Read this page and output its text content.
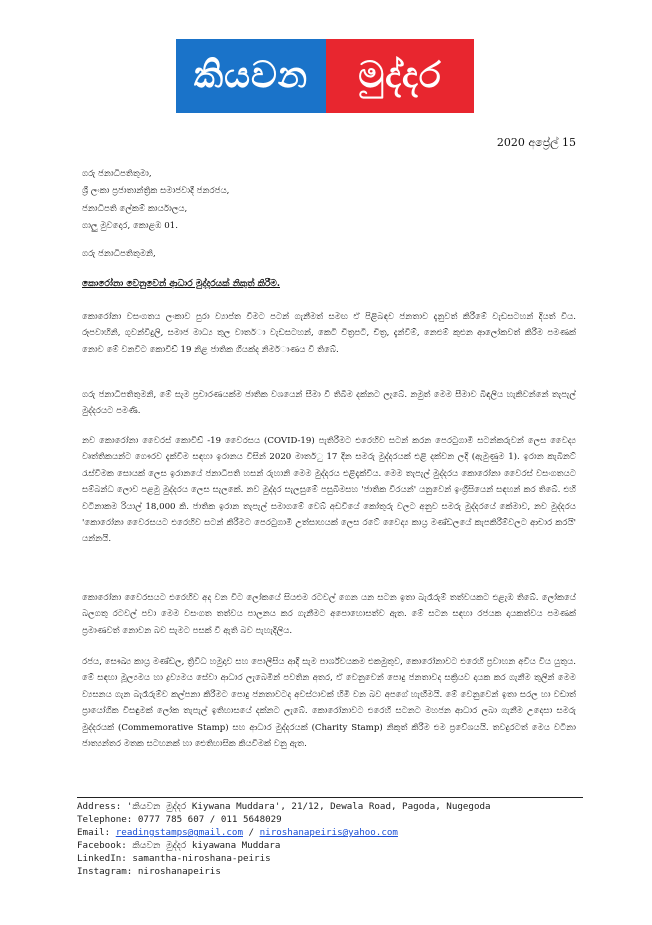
කියවන	මුද්දර
2020 අප්‍රේල් 15

ගරු ජනාධිපතිතුමා,

ශ්‍රී ලංකා ප්‍රජාතාන්ත්‍රික සමාජවාදී ජනරජය,

ජනාධිපති ලේකම් කාර්යාලය,

ගාලු මුවදොර, කොළඹ 01.

ගරු ජනාධිපතිතුමනි,
කොරෝනා වෙනුවෙන් ආධාර මුද්දරයක් නිකුත් කිරීම.

කොරෝනා වසංගතය ලංකාව පුරා ව්‍යාප්ත වීමට පටන් ගැනීමත් සමඟ ඒ පිළිබඳව ජනතාව දැනුවත් කිරීමේ වැඩසටහන් දියත් විය. රූපවාහිනි, ගුවන්විදුලි, සමාජ මාධ්‍ය තුල වාතර්ා වැඩසටහන්, කෙටි චිත්‍රපටි, චිත්‍ර, දැන්වීම්, නෙළුම් කුළුන ආලෝකවත් කිරීම පමණක් නොව මේ වනවිට කොවිඩ් 19 නිළ ජාතික ගීයක්ද නිමර්ාණය වී තිබේ.

ගරු ජනාධිපතිතුමනි, මේ සැම ප්‍රචාරණයක්ම ජාතික වශයෙන් සීමා වී තිබීම දක්නට ලැබේ. නමුත් මෙම සීමාව බිඳලිය හැකිවන්නේ තැපැල් මුද්දරයට පමණි.

නව කොරෝනා වෛරස් කොවිඩ් -19 වෛරසය (COVID-19) පැතිරීමට එරෙහිව සටන් කරන පෙරටුගාමී සටන්කරුවන් ලෙස වෛද්‍ය වෘත්තිකයන්ට ගෞරව දැක්වීම සඳහා ඉරානය විසින් 2020 මාතර්ු 17 දින සමරු මුද්දරයක් එළි දක්වන ලදි (ඇමුණුම 1). ඉරාන කැබිනට් රැස්වීමක සොයක් ලෙස ඉරානයේ ජනාධිපති හසන් රුහානි මෙම මුද්දරය එළිදැක්විය. මෙම තැපැල් මුද්දරය කොරෝනා වෛරස් වසංගතයට සම්බන්ධ ලොව පළමු මුද්දරය ලෙස සැලකේ. නව මුද්දර සැලසුමේ පසුබිමසහ 'ජාතික වීරයන්' යනුවෙන් ඉංග්‍රීසියෙන් සඳහන් කර තිබේ. එහි වටිනාකම රියාල් 18,000 කි. ජාතික ඉරාන තැපැල් සමාගමේ වෙබ් අඩවියේ කෝතුරු වලට අනුව සමරු මුද්දරයේ කේමාව, නව මුද්දරය 'කොරෝනා වෛරසයට එරෙහිව සටන් කිරීමට පෙරටුගාමී උත්සාහයක් ලෙස රටේ වෛද්‍ය කාය්‍ර මණ්ඩලයේ කැපකිරීම්වලට ආචාර කරයි' යන්නයි.

කොරෝනා වෛරසයට එරෙහිව අද වන විට ලෝකයේ සියළුම රටවල් ගෙන යන සටන ඉතා බැරෑරුම් තත්වයකට එළැඹ තිබේ. ලෝකයේ බලගතු රටවල් පවා මෙම වසංගත තත්වය පාලනය කර ගැනීමට අපොහොසත්ව ඇත. මේ සටන සඳහා රජයක දායකත්වය පමණක් ප්‍රමාණවත් නොවන බව සැමට පසක් වී ඇති බව පැහැදිලිය.

රජය, සෞඛ්‍ය කාය්‍ර මණ්ඩල, ත්‍රිවිධ හමුදාව සහ පොලීසිය ආදී සැම පාර්ශ්වයකම එකමුතුව, කොරෝනාවට එරෙහි ප්‍රවාහන අවිය විය යුතුය. මේ සඳහා මූල්‍යමය හා ද්‍රව්‍යමය සේවා ආධාර ලැබෙමින් පවතින අතර, ඒ වෙනුවෙන් පොදු ජනතාවද සක්‍රියව දායක කර ගැනීම තුලින් මෙම ව්‍යසනය ගැන බැරෑරුම්ව කල්පනා කිරීමට පොදු ජනතාවටද අවස්ථාවක් හිමි වන බව අපගේ හැඟීමයි. මේ වෙනුවෙන් ඉතා සරල හා වඩාත් ප්‍රායෝගික විසඳුමක් ලෝක තැපැල් ඉතිහාසයේ දක්නට ලැබේ. කොරෝනාවට එරෙහි සටනට මහජන ආධාර ලබා ගැනීම උදෙසා සමරු මුද්දරයක් (Commemorative Stamp) සහ ආධාර මුද්දරයක් (Charity Stamp) නිකුත් කිරීම එම ප්‍රවේශයයි. තවදුරටත් මෙය වටිනා ජාත්‍යන්තර මතක සටහනක් හා ඓතිහාසික කියවීමක් වනු ඇත.

Address: 'කියවන මුද්දර Kiywana Muddara', 21/12, Dewala Road, Pagoda, Nugegoda
Telephone: 0777 785 607 / 011 5648029
Email: readingstamps@gmail.com / niroshanapeiris@yahoo.com
Facebook: කියවන මුද්දර kiyawana Muddara
LinkedIn: samantha-niroshana-peiris
Instagram: niroshanapeiris
